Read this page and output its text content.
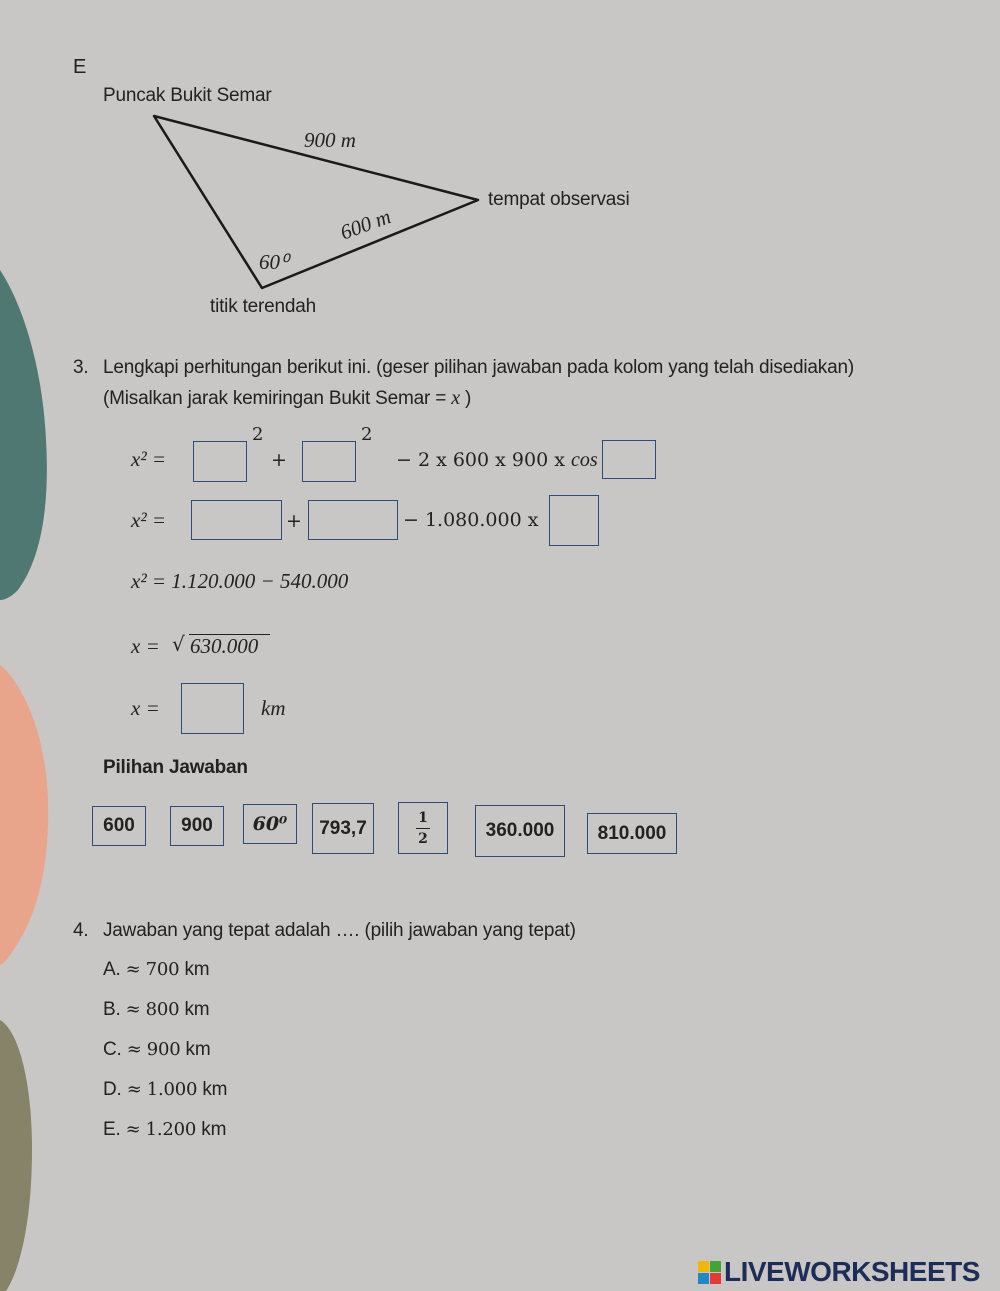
E
Puncak Bukit Semar
900 m
tempat observasi
600 m
60⁰
titik terendah
3. Lengkapi perhitungan berikut ini. (geser pilihan jawaban pada kolom yang telah disediakan)
(Misalkan jarak kemiringan Bukit Semar = x )
x² =
2
+
2
− 2 x 600 x 900 x cos
x² =	+	− 1.080.000 x
x² = 1.120.000 − 540.000
x = √ 630.000
x =	km
Pilihan Jawaban
600	900	60⁰	793,7	1
2	360.000	810.000
4. Jawaban yang tepat adalah …. (pilih jawaban yang tepat)
A. ≈ 700 km
B. ≈ 800 km
C. ≈ 900 km
D. ≈ 1.000 km
E. ≈ 1.200 km
LIVEWORKSHEETS
